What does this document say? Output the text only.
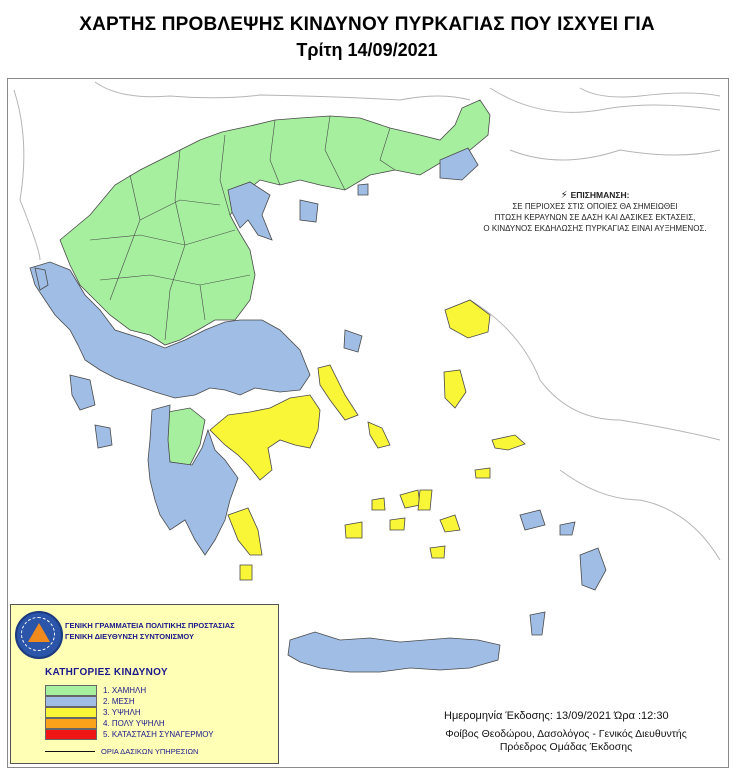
ΧΑΡΤΗΣ ΠΡΟΒΛΕΨΗΣ ΚΙΝΔΥΝΟΥ ΠΥΡΚΑΓΙΑΣ ΠΟΥ ΙΣΧΥΕΙ ΓΙΑ
Τρίτη 14/09/2021
⚡ ΕΠΙΣΗΜΑΝΣΗ:
ΣΕ ΠΕΡΙΟΧΕΣ ΣΤΙΣ ΟΠΟΙΕΣ ΘΑ ΣΗΜΕΙΩΘΕΙ
ΠΤΩΣΗ ΚΕΡΑΥΝΩΝ ΣΕ ΔΑΣΗ ΚΑΙ ΔΑΣΙΚΕΣ ΕΚΤΑΣΕΙΣ,
Ο ΚΙΝΔΥΝΟΣ ΕΚΔΗΛΩΣΗΣ ΠΥΡΚΑΓΙΑΣ ΕΙΝΑΙ ΑΥΞΗΜΕΝΟΣ.
ΓΕΝΙΚΗ ΓΡΑΜΜΑΤΕΙΑ ΠΟΛΙΤΙΚΗΣ ΠΡΟΣΤΑΣΙΑΣ
ΓΕΝΙΚΗ ΔΙΕΥΘΥΝΣΗ ΣΥΝΤΟΝΙΣΜΟΥ
ΚΑΤΗΓΟΡΙΕΣ ΚΙΝΔΥΝΟΥ
1. ΧΑΜΗΛΗ
2. ΜΕΣΗ
3. ΥΨΗΛΗ
4. ΠΟΛΥ ΥΨΗΛΗ
5. ΚΑΤΑΣΤΑΣΗ ΣΥΝΑΓΕΡΜΟΥ
ΟΡΙΑ ΔΑΣΙΚΩΝ ΥΠΗΡΕΣΙΩΝ
Ημερομηνία Έκδοσης: 13/09/2021 Ώρα :12:30
Φοίβος Θεοδώρου, Δασολόγος - Γενικός Διευθυντής
Πρόεδρος Ομάδας Έκδοσης
